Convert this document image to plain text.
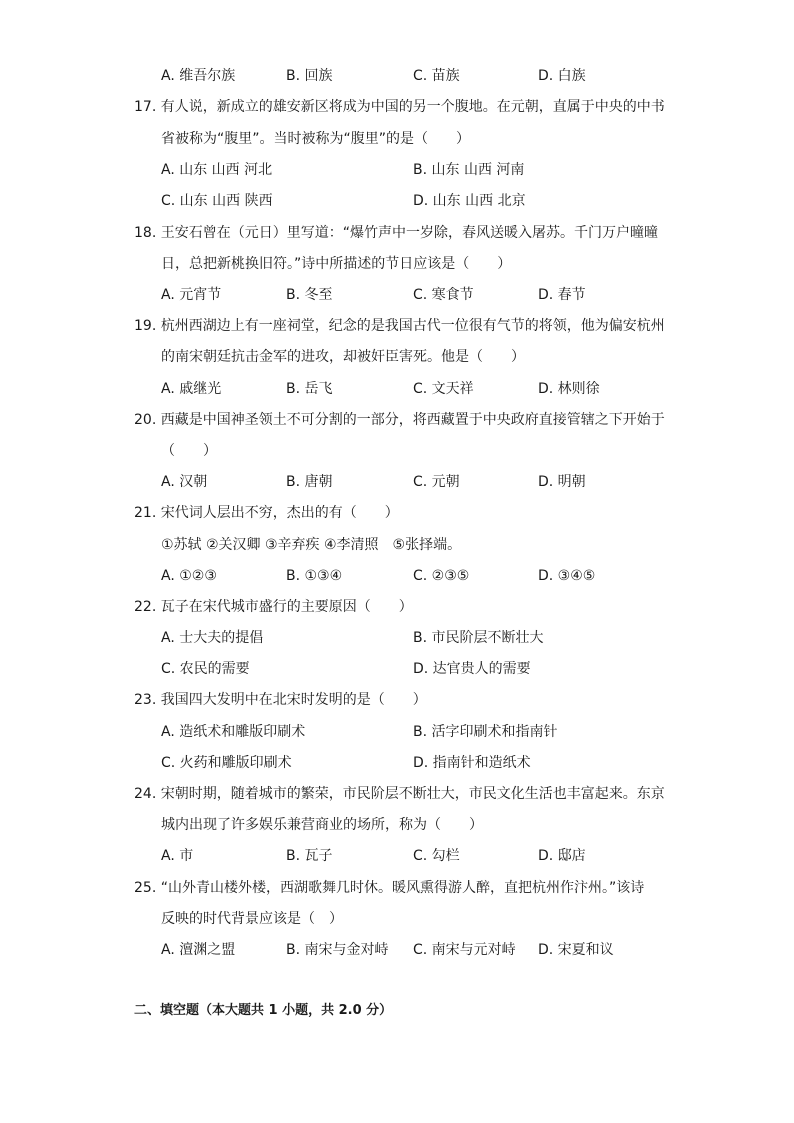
A. 维吾尔族	B. 回族	C. 苗族	D. 白族
17. 有人说，新成立的雄安新区将成为中国的另一个腹地。在元朝，直属于中央的中书
省被称为“腹里”。当时被称为“腹里”的是（　　）
A. 山东 山西 河北	B. 山东 山西 河南
C. 山东 山西 陕西	D. 山东 山西 北京
18. 王安石曾在（元日）里写道：“爆竹声中一岁除，春风送暖入屠苏。千门万户曈曈
日，总把新桃换旧符。”诗中所描述的节日应该是（　　）
A. 元宵节	B. 冬至	C. 寒食节	D. 春节
19. 杭州西湖边上有一座祠堂，纪念的是我国古代一位很有气节的将领，他为偏安杭州
的南宋朝廷抗击金军的进攻，却被奸臣害死。他是（　　）
A. 戚继光	B. 岳飞	C. 文天祥	D. 林则徐
20. 西藏是中国神圣领土不可分割的一部分，将西藏置于中央政府直接管辖之下开始于
（　　）
A. 汉朝	B. 唐朝	C. 元朝	D. 明朝
21. 宋代词人层出不穷，杰出的有（　　）
①苏轼 ②关汉卿 ③辛弃疾 ④李清照　⑤张择端。
A. ①②③	B. ①③④	C. ②③⑤	D. ③④⑤
22. 瓦子在宋代城市盛行的主要原因（　　）
A. 士大夫的提倡	B. 市民阶层不断壮大
C. 农民的需要	D. 达官贵人的需要
23. 我国四大发明中在北宋时发明的是（　　）
A. 造纸术和雕版印刷术	B. 活字印刷术和指南针
C. 火药和雕版印刷术	D. 指南针和造纸术
24. 宋朝时期，随着城市的繁荣，市民阶层不断壮大，市民文化生活也丰富起来。东京
城内出现了许多娱乐兼营商业的场所，称为（　　）
A. 市	B. 瓦子	C. 勾栏	D. 邸店
25. “山外青山楼外楼，西湖歌舞几时休。暖风熏得游人醉，直把杭州作汴州。”该诗
反映的时代背景应该是（　）
A. 澶渊之盟	B. 南宋与金对峙 C. 南宋与元对峙 D. 宋夏和议
二、填空题（本大题共 1 小题，共 2.0 分）
